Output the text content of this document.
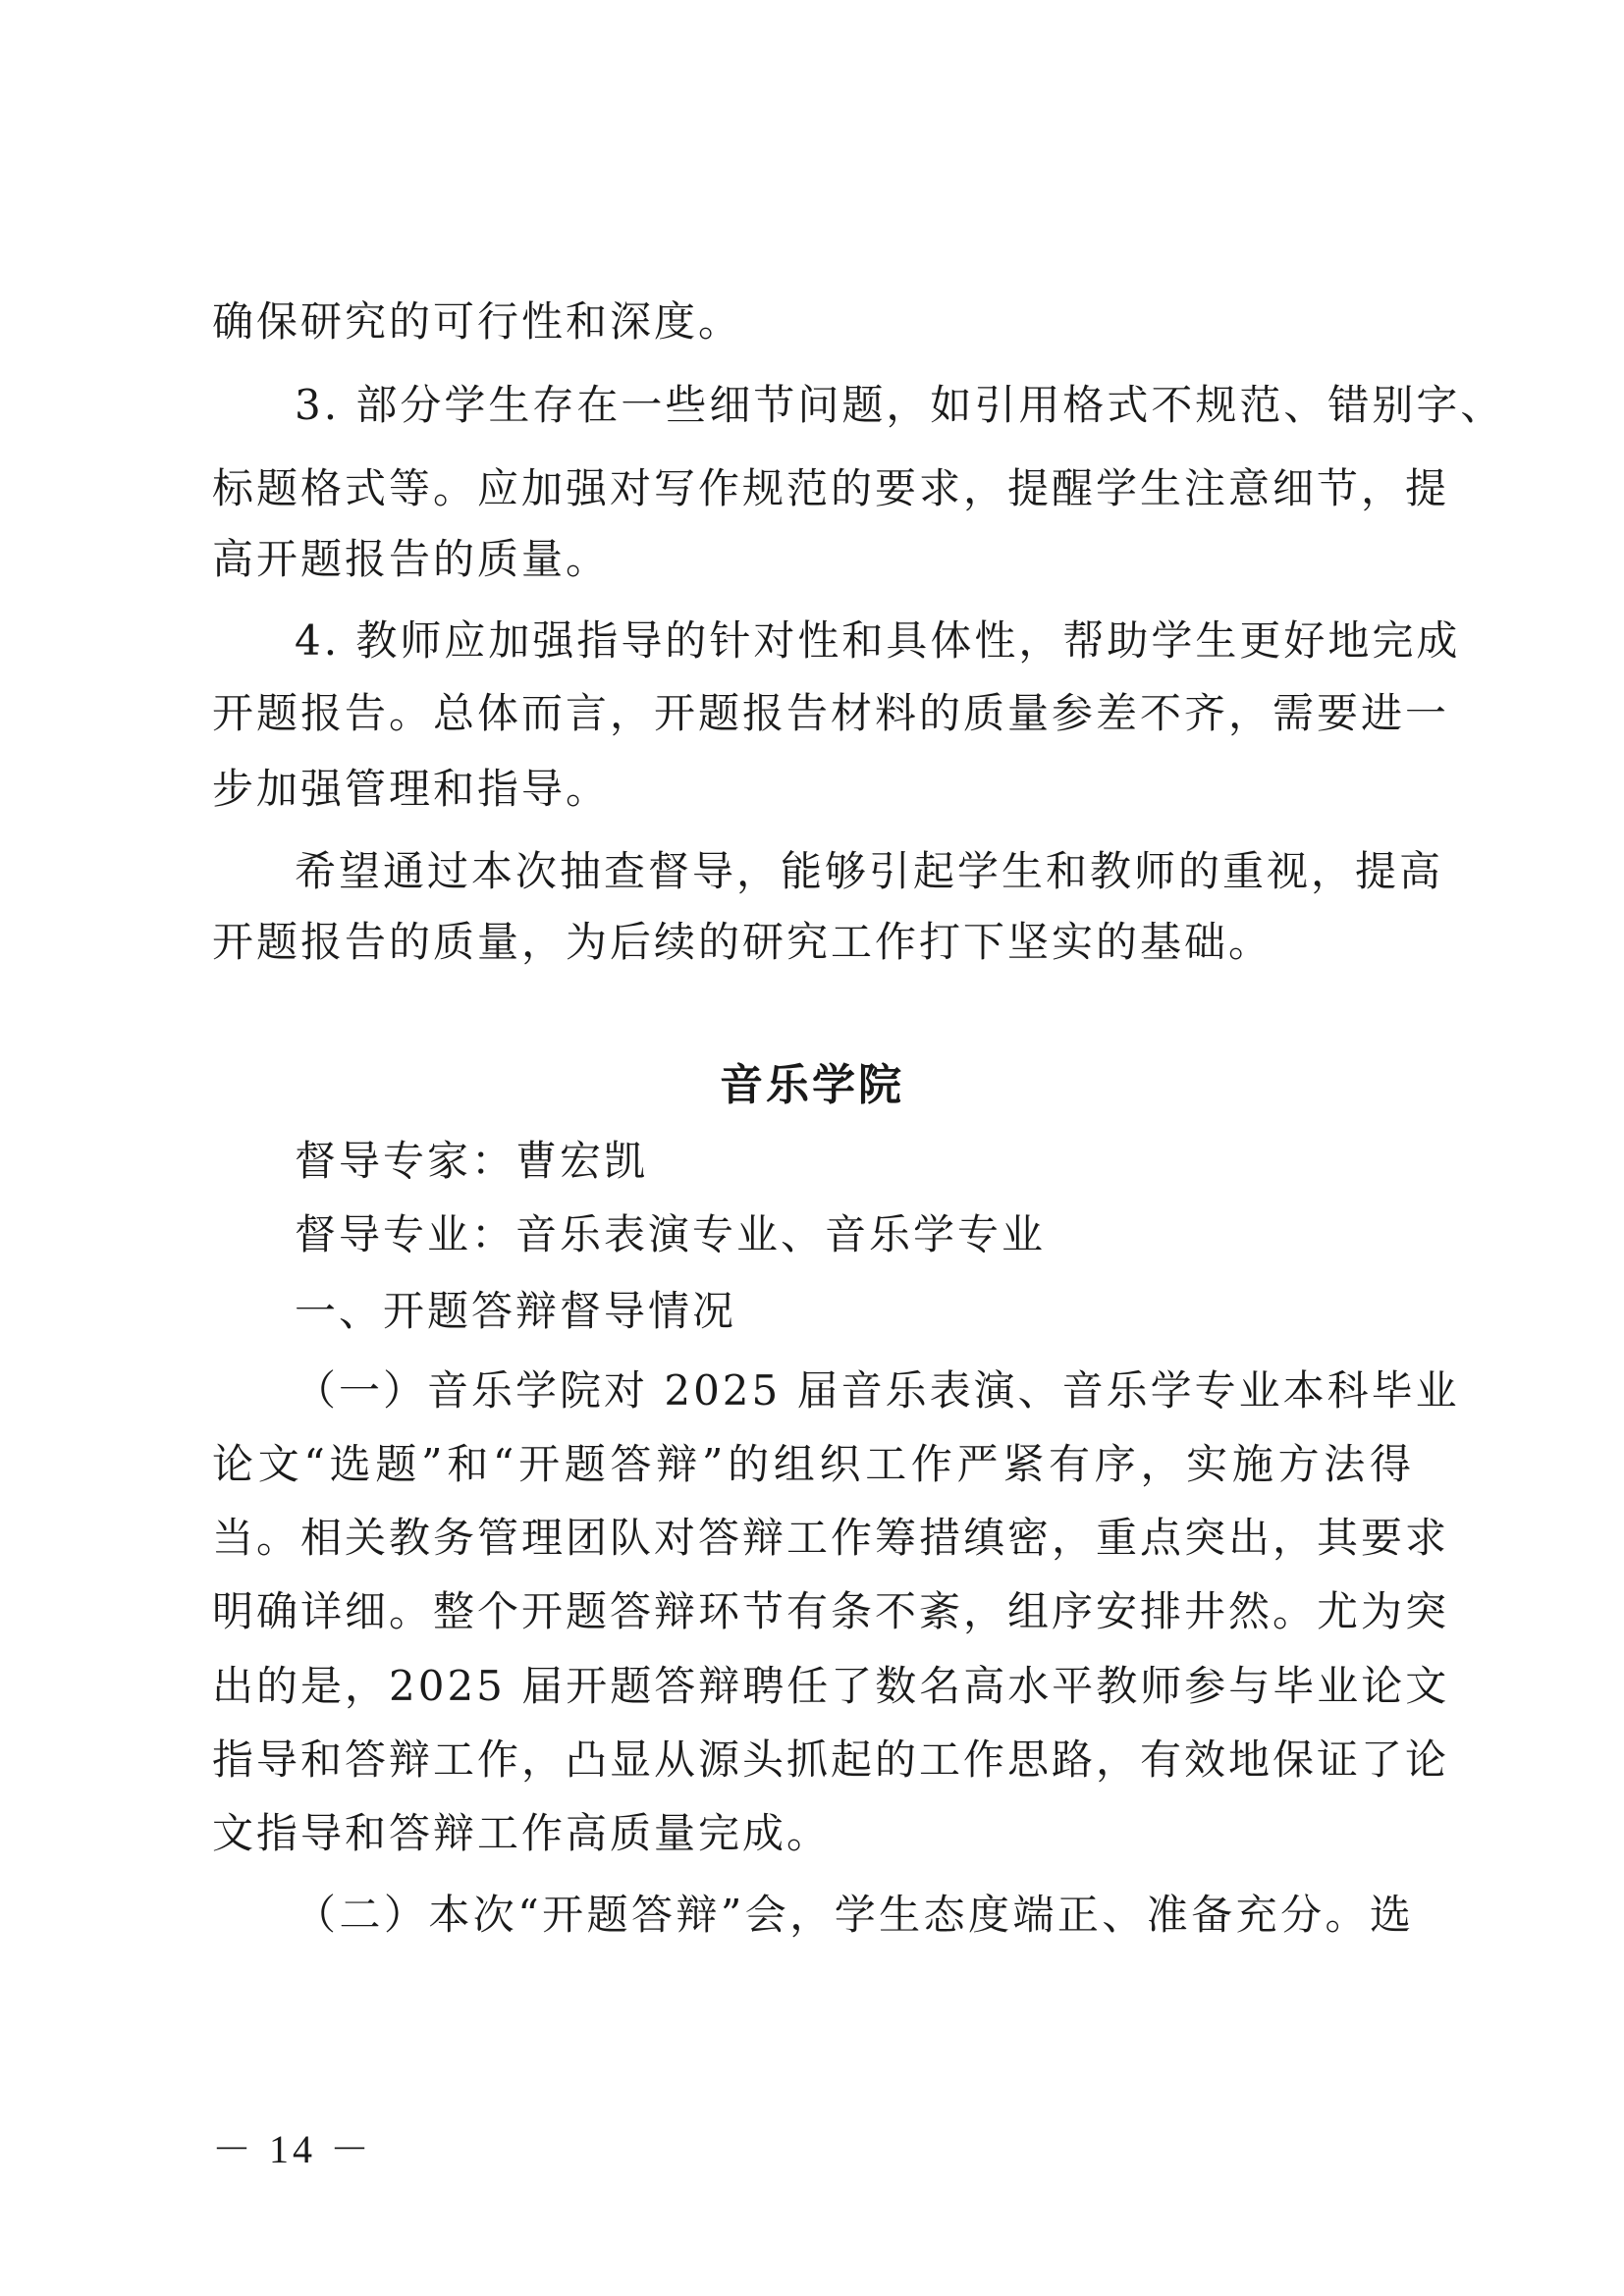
确保研究的可行性和深度。
3. 部分学生存在一些细节问题，如引用格式不规范、错别字、
标题格式等。应加强对写作规范的要求，提醒学生注意细节，提
高开题报告的质量。
4. 教师应加强指导的针对性和具体性，帮助学生更好地完成
开题报告。总体而言，开题报告材料的质量参差不齐，需要进一
步加强管理和指导。
希望通过本次抽查督导，能够引起学生和教师的重视，提高
开题报告的质量，为后续的研究工作打下坚实的基础。
音乐学院
督导专家：曹宏凯
督导专业：音乐表演专业、音乐学专业
一、开题答辩督导情况
（一）音乐学院对 2025 届音乐表演、音乐学专业本科毕业
论文“选题”和“开题答辩”的组织工作严紧有序，实施方法得
当。相关教务管理团队对答辩工作筹措缜密，重点突出，其要求
明确详细。整个开题答辩环节有条不紊，组序安排井然。尤为突
出的是，2025 届开题答辩聘任了数名高水平教师参与毕业论文
指导和答辩工作，凸显从源头抓起的工作思路，有效地保证了论
文指导和答辩工作高质量完成。
（二）本次“开题答辩”会，学生态度端正、准备充分。选
－ 14 －
